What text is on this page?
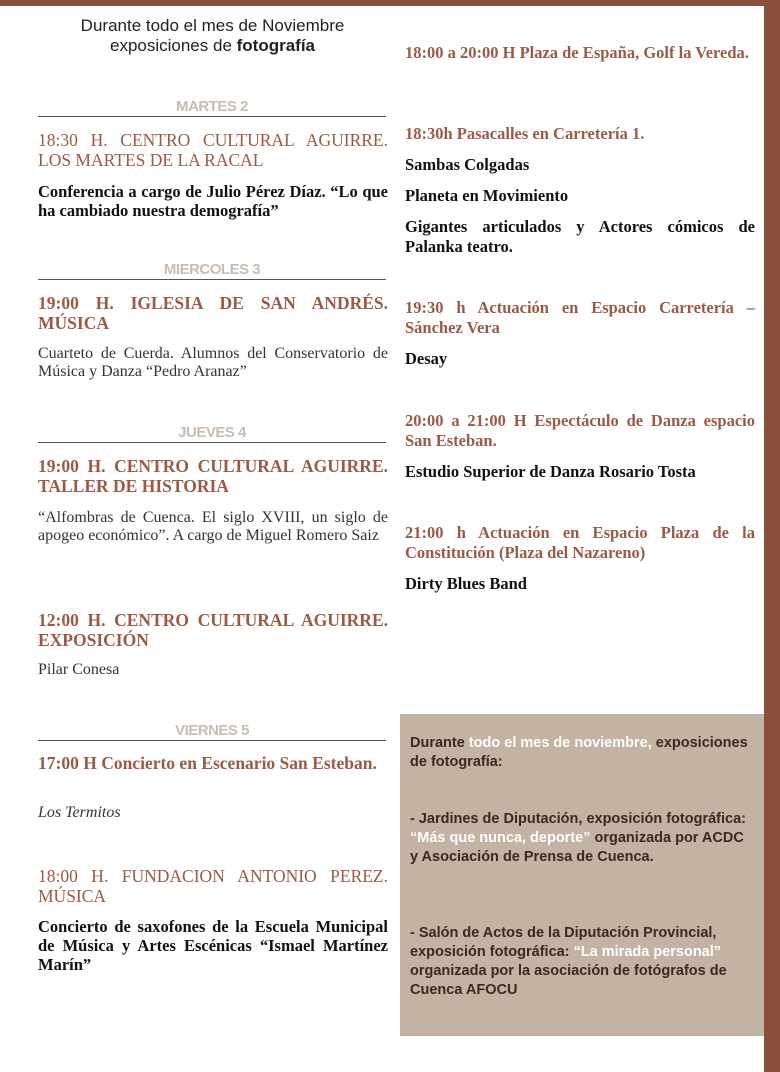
Durante todo el mes de Noviembre
exposiciones de fotografía
MARTES 2
18:30 H. CENTRO CULTURAL AGUIRRE. LOS MARTES DE LA RACAL
Conferencia a cargo de Julio Pérez Díaz. “Lo que ha cambiado nuestra demografía”
MIERCOLES 3
19:00 H. IGLESIA DE SAN ANDRÉS. MÚSICA
Cuarteto de Cuerda. Alumnos del Conservatorio de Música y Danza “Pedro Aranaz”
JUEVES 4
19:00 H. CENTRO CULTURAL AGUIRRE. TALLER DE HISTORIA
“Alfombras de Cuenca. El siglo XVIII, un siglo de apogeo económico”. A cargo de Miguel Romero Saiz
12:00 H. CENTRO CULTURAL AGUIRRE. EXPOSICIÓN
Pilar Conesa
VIERNES 5
17:00 H Concierto en Escenario San Esteban.
Los Termitos
18:00 H. FUNDACION ANTONIO PEREZ. MÚSICA
Concierto de saxofones de la Escuela Municipal de Música y Artes Escénicas “Ismael Martínez Marín”
18:00 a 20:00 H Plaza de España, Golf la Vereda.
18:30h Pasacalles en Carretería 1.
Sambas Colgadas
Planeta en Movimiento
Gigantes articulados y Actores cómicos de Palanka teatro.
19:30 h Actuación en Espacio Carretería – Sánchez Vera
Desay
20:00 a 21:00 H Espectáculo de Danza espacio San Esteban.
Estudio Superior de Danza Rosario Tosta
21:00 h Actuación en Espacio Plaza de la Constitución (Plaza del Nazareno)
Dirty Blues Band
Durante todo el mes de noviembre, exposiciones de fotografía:
- Jardines de Diputación, exposición fotográfica: “Más que nunca, deporte” organizada por ACDC y Asociación de Prensa de Cuenca.
- Salón de Actos de la Diputación Provincial, exposición fotográfica: “La mirada personal” organizada por la asociación de fotógrafos de Cuenca AFOCU
